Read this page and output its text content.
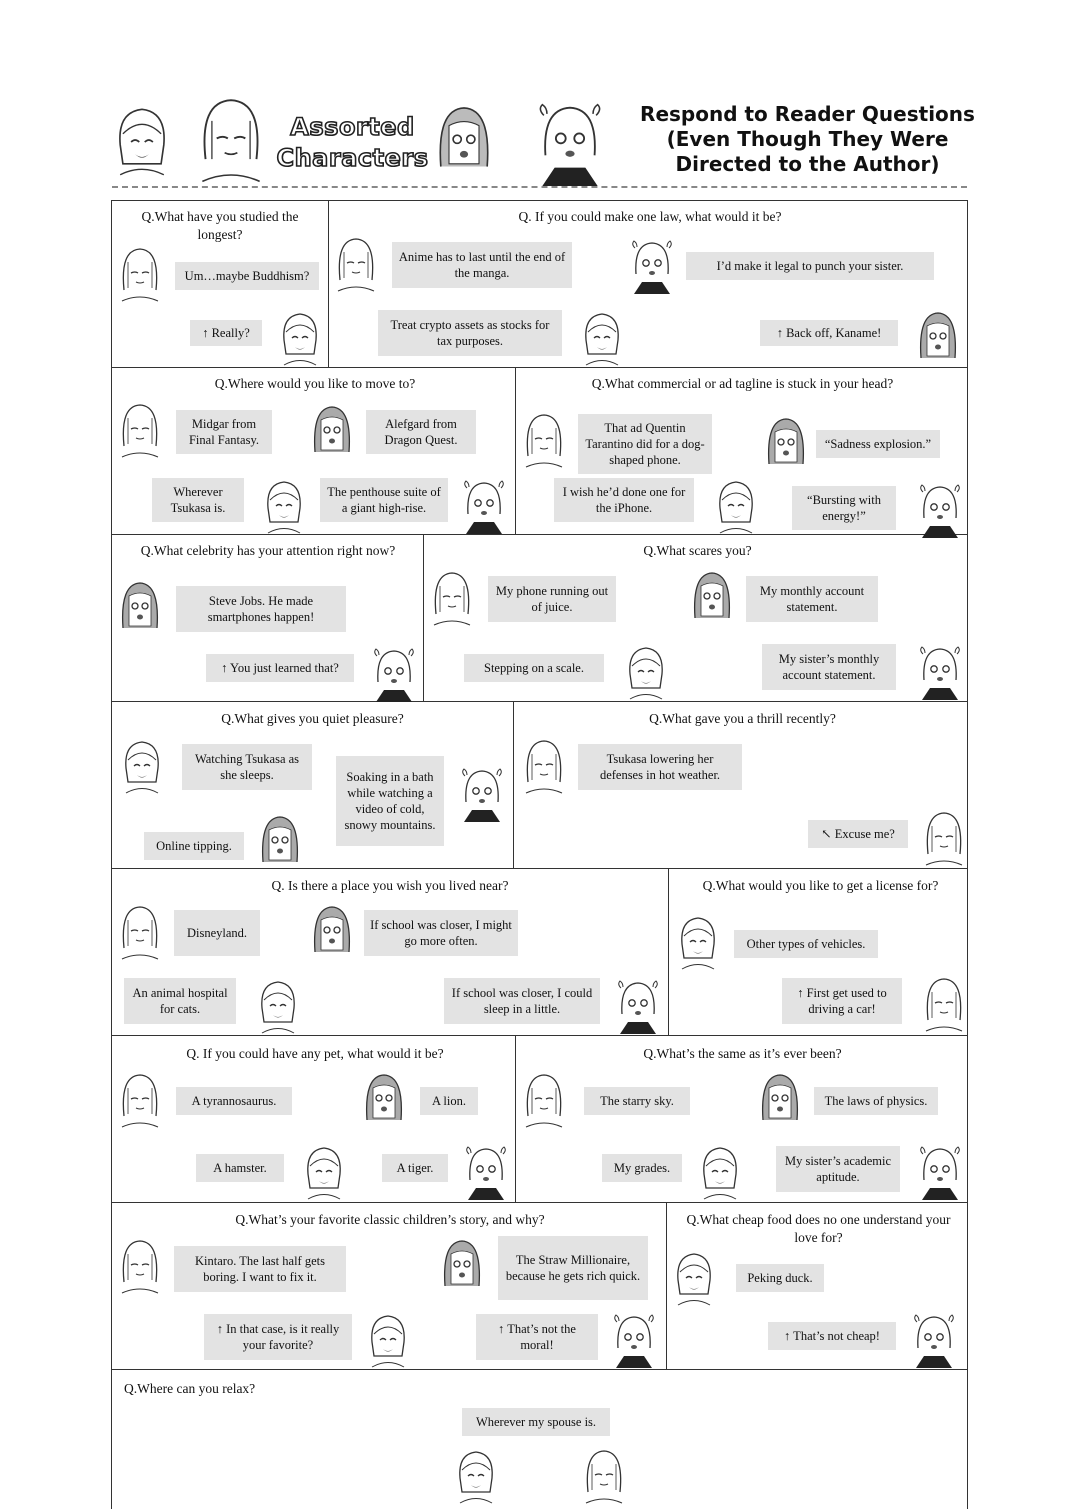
Assorted Characters
Respond to Reader Questions (Even Though They Were Directed to the Author)
Q.What have you studied the longest?
Um…maybe Buddhism?
↑ Really?
Q. If you could make one law, what would it be?
Anime has to last until the end of the manga.	I’d make it legal to punch your sister.
Treat crypto assets as stocks for tax purposes.
↑ Back off, Kaname!
Q.Where would you like to move to?
Midgar from Final Fantasy.
Alefgard from Dragon Quest.
Wherever Tsukasa is.
The penthouse suite of a giant high-rise.
Q.What commercial or ad tagline is stuck in your head?
That ad Quentin Tarantino did for a dog-shaped phone.
“Sadness explosion.”
I wish he’d done one for the iPhone.
“Bursting with energy!”
Q.What celebrity has your attention right now?
Steve Jobs. He made smartphones happen!
↑ You just learned that?
Q.What scares you?
My phone running out of juice.
My monthly account statement.
Stepping on a scale.
My sister’s monthly account statement.
Q.What gives you quiet pleasure?
Watching Tsukasa as she sleeps.	Soaking in a bath while watching a video of cold, snowy mountains.
Online tipping.
Q.What gave you a thrill recently?
Tsukasa lowering her defenses in hot weather.
↖ Excuse me?
Q. Is there a place you wish you lived near?
Disneyland.
If school was closer, I might go more often.
An animal hospital for cats.
If school was closer, I could sleep in a little.
Q.What would you like to get a license for?
Other types of vehicles.
↑ First get used to driving a car!
Q. If you could have any pet, what would it be?
A tyrannosaurus.	A lion.
A hamster.	A tiger.
Q.What’s the same as it’s ever been?
The starry sky.	The laws of physics.
My grades.	My sister’s academic aptitude.
Q.What’s your favorite classic children’s story, and why?
Kintaro. The last half gets boring. I want to fix it.
The Straw Millionaire, because he gets rich quick.
↑ In that case, is it really your favorite?
↑ That’s not the moral!
Q.What cheap food does no one understand your love for?
Peking duck.
↑ That’s not cheap!
Q.Where can you relax?
Wherever my spouse is.
